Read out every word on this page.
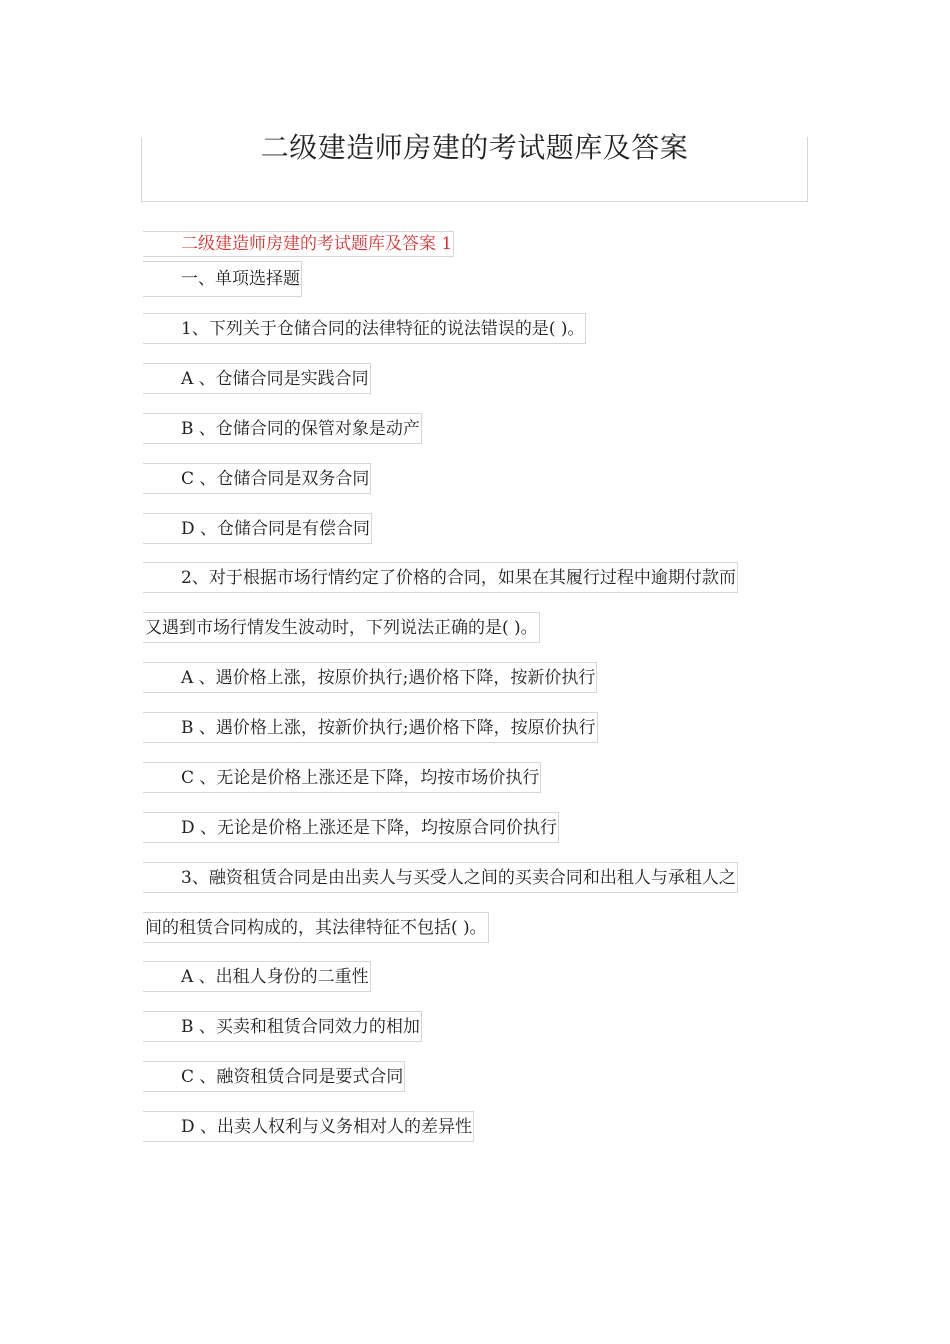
二级建造师房建的考试题库及答案
二级建造师房建的考试题库及答案 1
一、单项选择题
1、下列关于仓储合同的法律特征的说法错误的是( )。
A 、仓储合同是实践合同
B 、仓储合同的保管对象是动产
C 、仓储合同是双务合同
D 、仓储合同是有偿合同
2、对于根据市场行情约定了价格的合同，如果在其履行过程中逾期付款而
又遇到市场行情发生波动时，下列说法正确的是( )。
A 、遇价格上涨，按原价执行;遇价格下降，按新价执行
B 、遇价格上涨，按新价执行;遇价格下降，按原价执行
C 、无论是价格上涨还是下降，均按市场价执行
D 、无论是价格上涨还是下降，均按原合同价执行
3、融资租赁合同是由出卖人与买受人之间的买卖合同和出租人与承租人之
间的租赁合同构成的，其法律特征不包括( )。
A 、出租人身份的二重性
B 、买卖和租赁合同效力的相加
C 、融资租赁合同是要式合同
D 、出卖人权利与义务相对人的差异性
